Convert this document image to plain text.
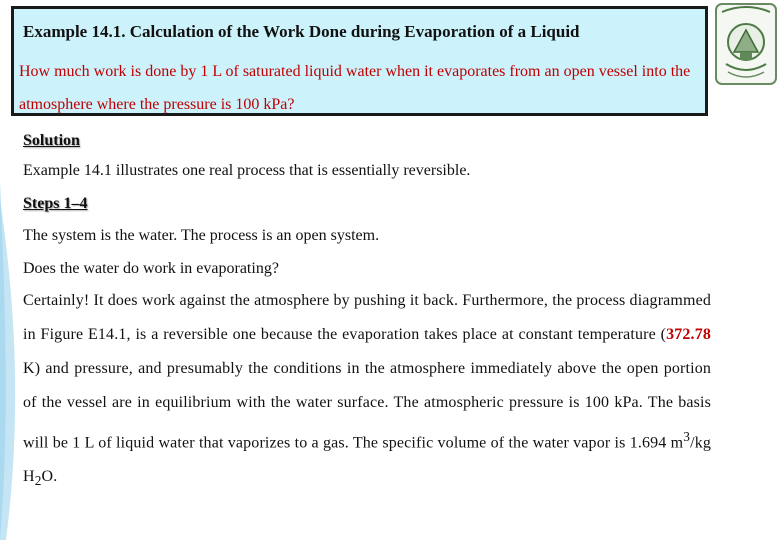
Example 14.1. Calculation of the Work Done during Evaporation of a Liquid
How much work is done by 1 L of saturated liquid water when it evaporates from an open vessel into the atmosphere where the pressure is 100 kPa?
Solution
Example 14.1 illustrates one real process that is essentially reversible.
Steps 1–4
The system is the water. The process is an open system.
Does the water do work in evaporating?
Certainly! It does work against the atmosphere by pushing it back. Furthermore, the process diagrammed in Figure E14.1, is a reversible one because the evaporation takes place at constant temperature (372.78 K) and pressure, and presumably the conditions in the atmosphere immediately above the open portion of the vessel are in equilibrium with the water surface. The atmospheric pressure is 100 kPa. The basis will be 1 L of liquid water that vaporizes to a gas. The specific volume of the water vapor is 1.694 $m^3/kg$ $H_2O$.
